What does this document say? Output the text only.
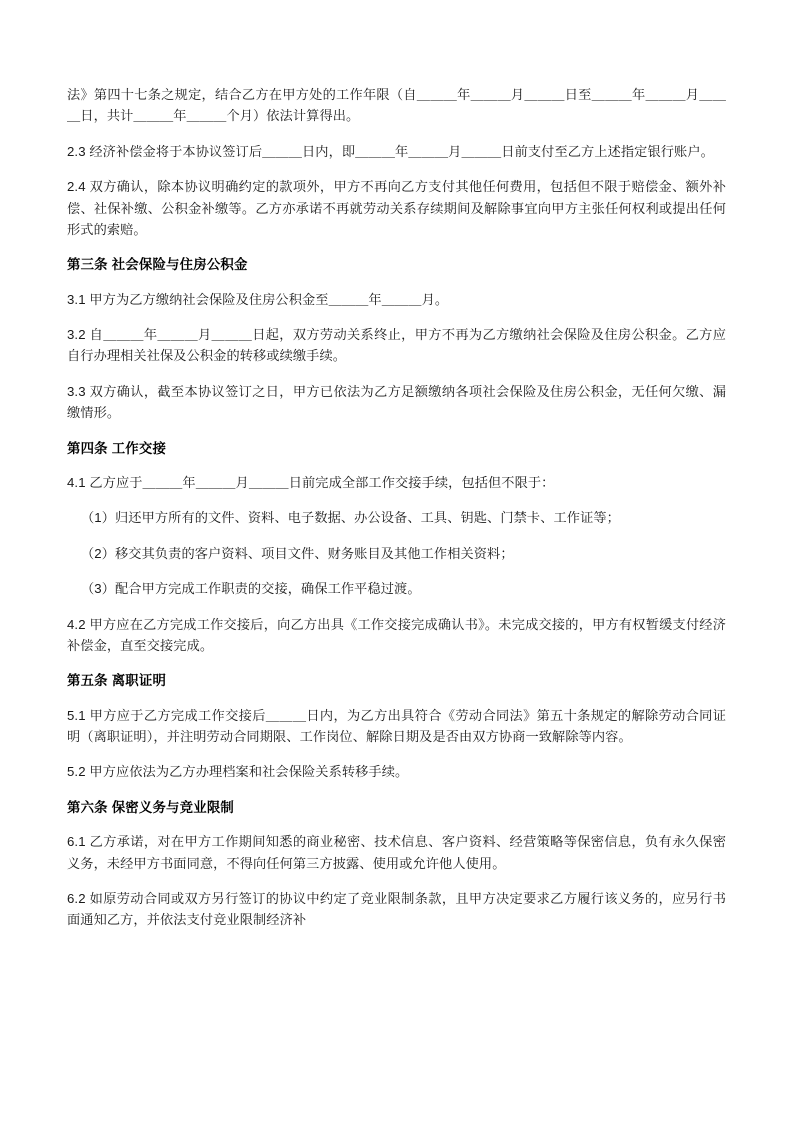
法》第四十七条之规定，结合乙方在甲方处的工作年限（自＿＿＿年＿＿＿月＿＿＿日至＿＿＿年＿＿＿月＿＿＿日，共计＿＿＿年＿＿＿个月）依法计算得出。

2.3 经济补偿金将于本协议签订后＿＿＿日内，即＿＿＿年＿＿＿月＿＿＿日前支付至乙方上述指定银行账户。

2.4 双方确认，除本协议明确约定的款项外，甲方不再向乙方支付其他任何费用，包括但不限于赔偿金、额外补偿、社保补缴、公积金补缴等。乙方亦承诺不再就劳动关系存续期间及解除事宜向甲方主张任何权利或提出任何形式的索赔。

第三条 社会保险与住房公积金

3.1 甲方为乙方缴纳社会保险及住房公积金至＿＿＿年＿＿＿月。

3.2 自＿＿＿年＿＿＿月＿＿＿日起，双方劳动关系终止，甲方不再为乙方缴纳社会保险及住房公积金。乙方应自行办理相关社保及公积金的转移或续缴手续。

3.3 双方确认，截至本协议签订之日，甲方已依法为乙方足额缴纳各项社会保险及住房公积金，无任何欠缴、漏缴情形。

第四条 工作交接

4.1 乙方应于＿＿＿年＿＿＿月＿＿＿日前完成全部工作交接手续，包括但不限于：

（1）归还甲方所有的文件、资料、电子数据、办公设备、工具、钥匙、门禁卡、工作证等；

（2）移交其负责的客户资料、项目文件、财务账目及其他工作相关资料；

（3）配合甲方完成工作职责的交接，确保工作平稳过渡。

4.2 甲方应在乙方完成工作交接后，向乙方出具《工作交接完成确认书》。未完成交接的，甲方有权暂缓支付经济补偿金，直至交接完成。

第五条 离职证明

5.1 甲方应于乙方完成工作交接后＿＿＿日内，为乙方出具符合《劳动合同法》第五十条规定的解除劳动合同证明（离职证明），并注明劳动合同期限、工作岗位、解除日期及是否由双方协商一致解除等内容。

5.2 甲方应依法为乙方办理档案和社会保险关系转移手续。

第六条 保密义务与竞业限制

6.1 乙方承诺，对在甲方工作期间知悉的商业秘密、技术信息、客户资料、经营策略等保密信息，负有永久保密义务，未经甲方书面同意，不得向任何第三方披露、使用或允许他人使用。

6.2 如原劳动合同或双方另行签订的协议中约定了竞业限制条款，且甲方决定要求乙方履行该义务的，应另行书面通知乙方，并依法支付竞业限制经济补
